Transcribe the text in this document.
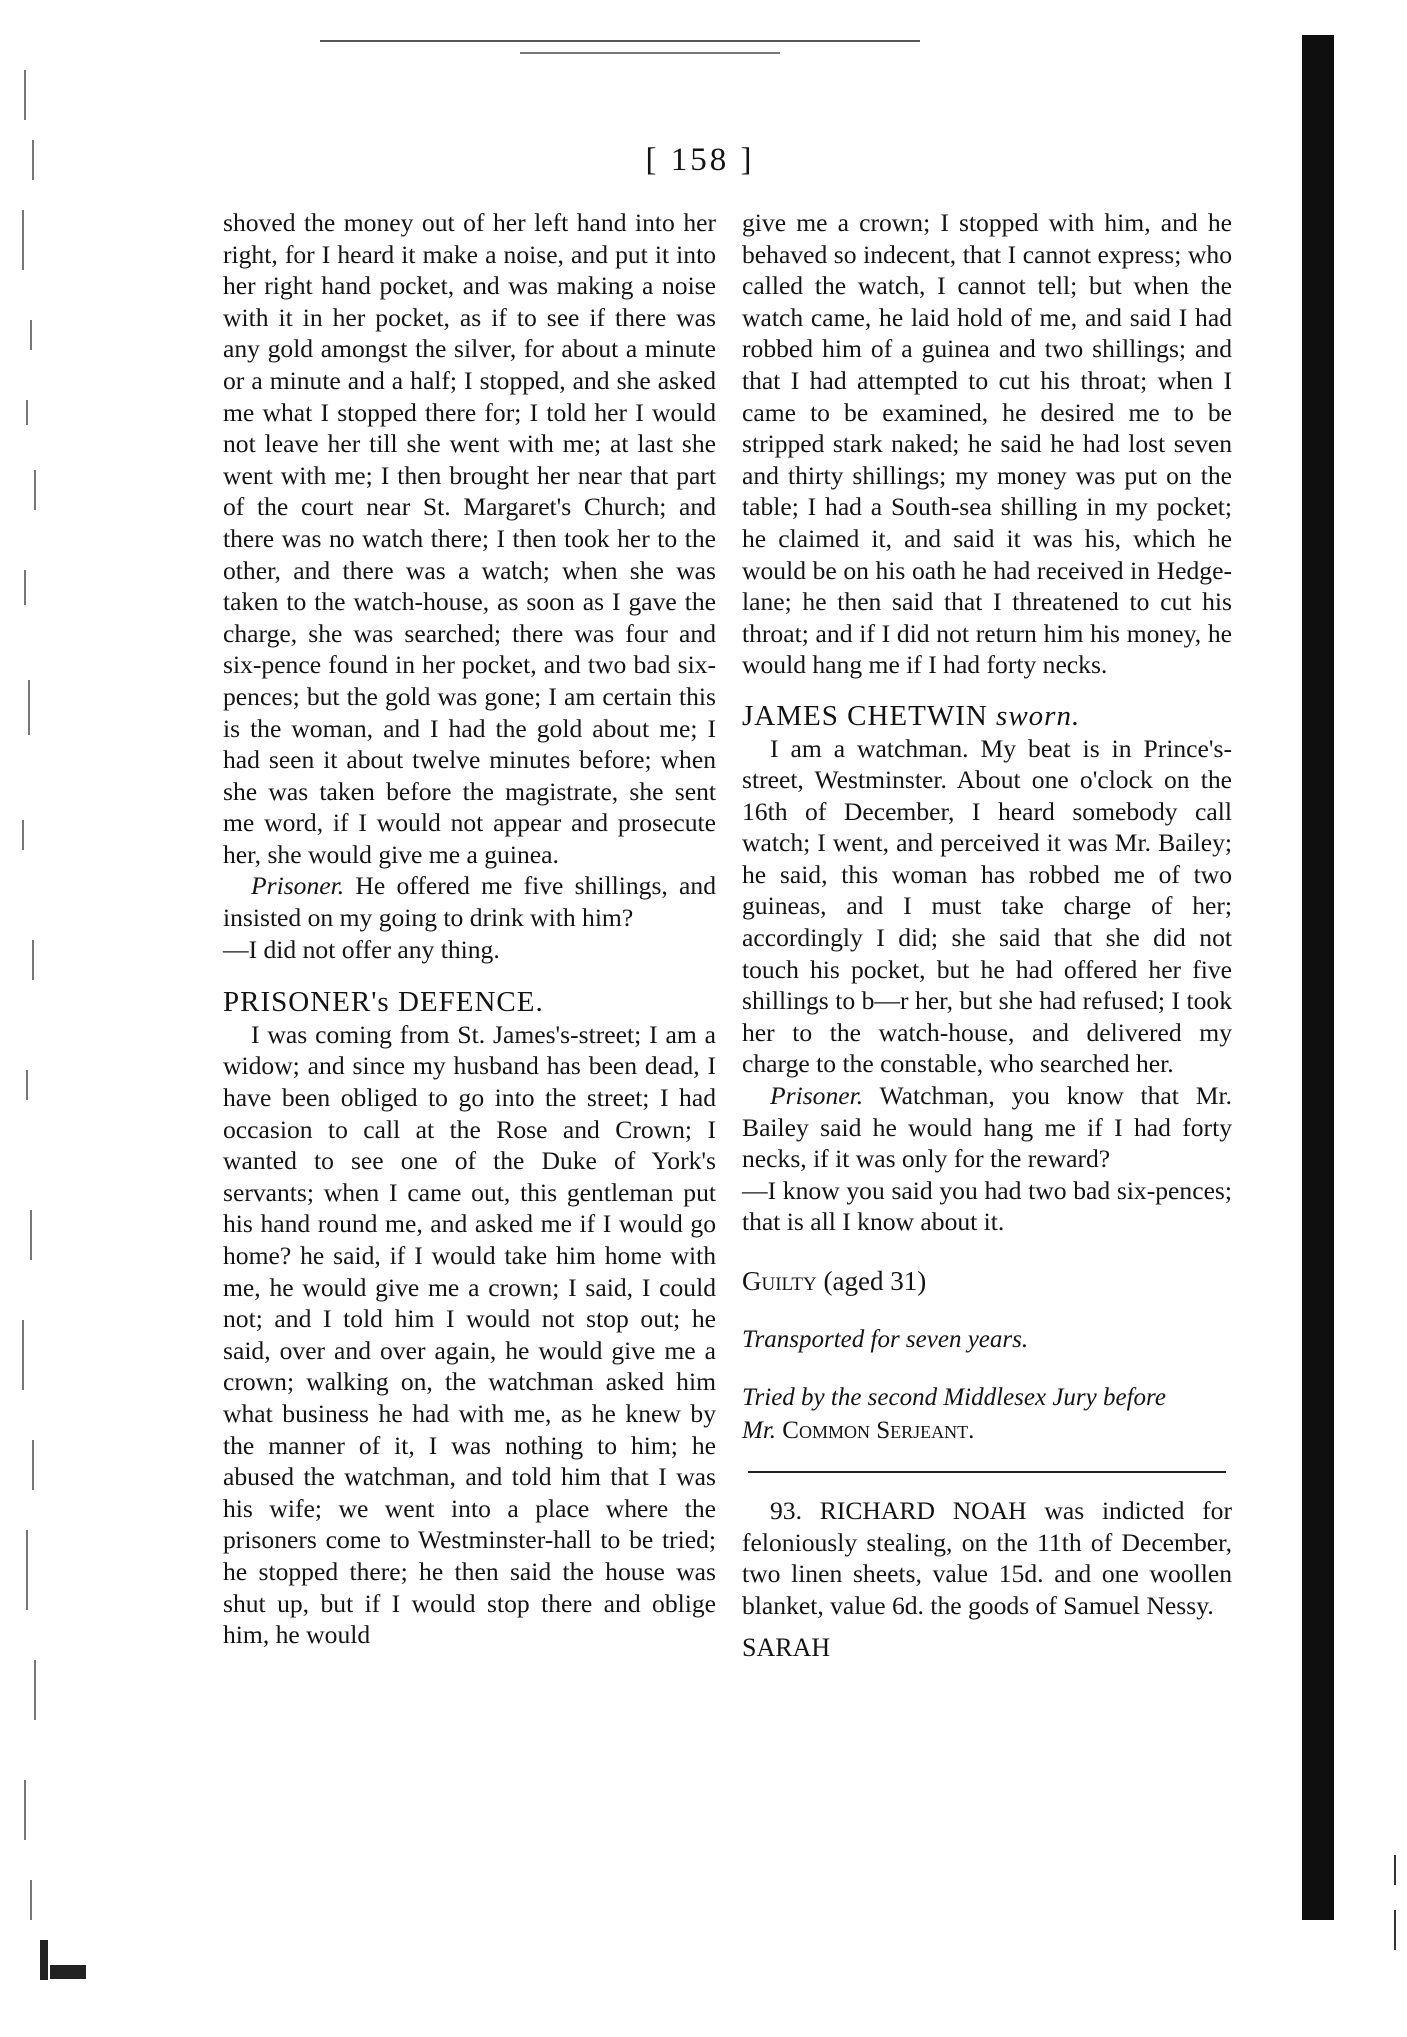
[ 158 ]

shoved the money out of her left hand into her right, for I heard it make a noise, and put it into her right hand pocket, and was making a noise with it in her pocket, as if to see if there was any gold amongst the silver, for about a minute or a minute and a half; I stopped, and she asked me what I stopped there for; I told her I would not leave her till she went with me; at last she went with me; I then brought her near that part of the court near St. Margaret's Church; and there was no watch there; I then took her to the other, and there was a watch; when she was taken to the watch-house, as soon as I gave the charge, she was searched; there was four and six-pence found in her pocket, and two bad six-pences; but the gold was gone; I am certain this is the woman, and I had the gold about me; I had seen it about twelve minutes before; when she was taken before the magistrate, she sent me word, if I would not appear and prosecute her, she would give me a guinea.

Prisoner. He offered me five shillings, and insisted on my going to drink with him?

—I did not offer any thing.

PRISONER's DEFENCE.

I was coming from St. James's-street; I am a widow; and since my husband has been dead, I have been obliged to go into the street; I had occasion to call at the Rose and Crown; I wanted to see one of the Duke of York's servants; when I came out, this gentleman put his hand round me, and asked me if I would go home? he said, if I would take him home with me, he would give me a crown; I said, I could not; and I told him I would not stop out; he said, over and over again, he would give me a crown; walking on, the watchman asked him what business he had with me, as he knew by the manner of it, I was nothing to him; he abused the watchman, and told him that I was his wife; we went into a place where the prisoners come to Westminster-hall to be tried; he stopped there; he then said the house was shut up, but if I would stop there and oblige him, he would

give me a crown; I stopped with him, and he behaved so indecent, that I cannot express; who called the watch, I cannot tell; but when the watch came, he laid hold of me, and said I had robbed him of a guinea and two shillings; and that I had attempted to cut his throat; when I came to be examined, he desired me to be stripped stark naked; he said he had lost seven and thirty shillings; my money was put on the table; I had a South-sea shilling in my pocket; he claimed it, and said it was his, which he would be on his oath he had received in Hedge-lane; he then said that I threatened to cut his throat; and if I did not return him his money, he would hang me if I had forty necks.

JAMES CHETWIN sworn.

I am a watchman. My beat is in Prince's-street, Westminster. About one o'clock on the 16th of December, I heard somebody call watch; I went, and perceived it was Mr. Bailey; he said, this woman has robbed me of two guineas, and I must take charge of her; accordingly I did; she said that she did not touch his pocket, but he had offered her five shillings to b—r her, but she had refused; I took her to the watch-house, and delivered my charge to the constable, who searched her.

Prisoner. Watchman, you know that Mr. Bailey said he would hang me if I had forty necks, if it was only for the reward?

—I know you said you had two bad six-pences; that is all I know about it.

Guilty (aged 31)

Transported for seven years.

Tried by the second Middlesex Jury before

Mr. Common Serjeant.

93. RICHARD NOAH was indicted for feloniously stealing, on the 11th of December, two linen sheets, value 15d. and one woollen blanket, value 6d. the goods of Samuel Nessy.

SARAH
